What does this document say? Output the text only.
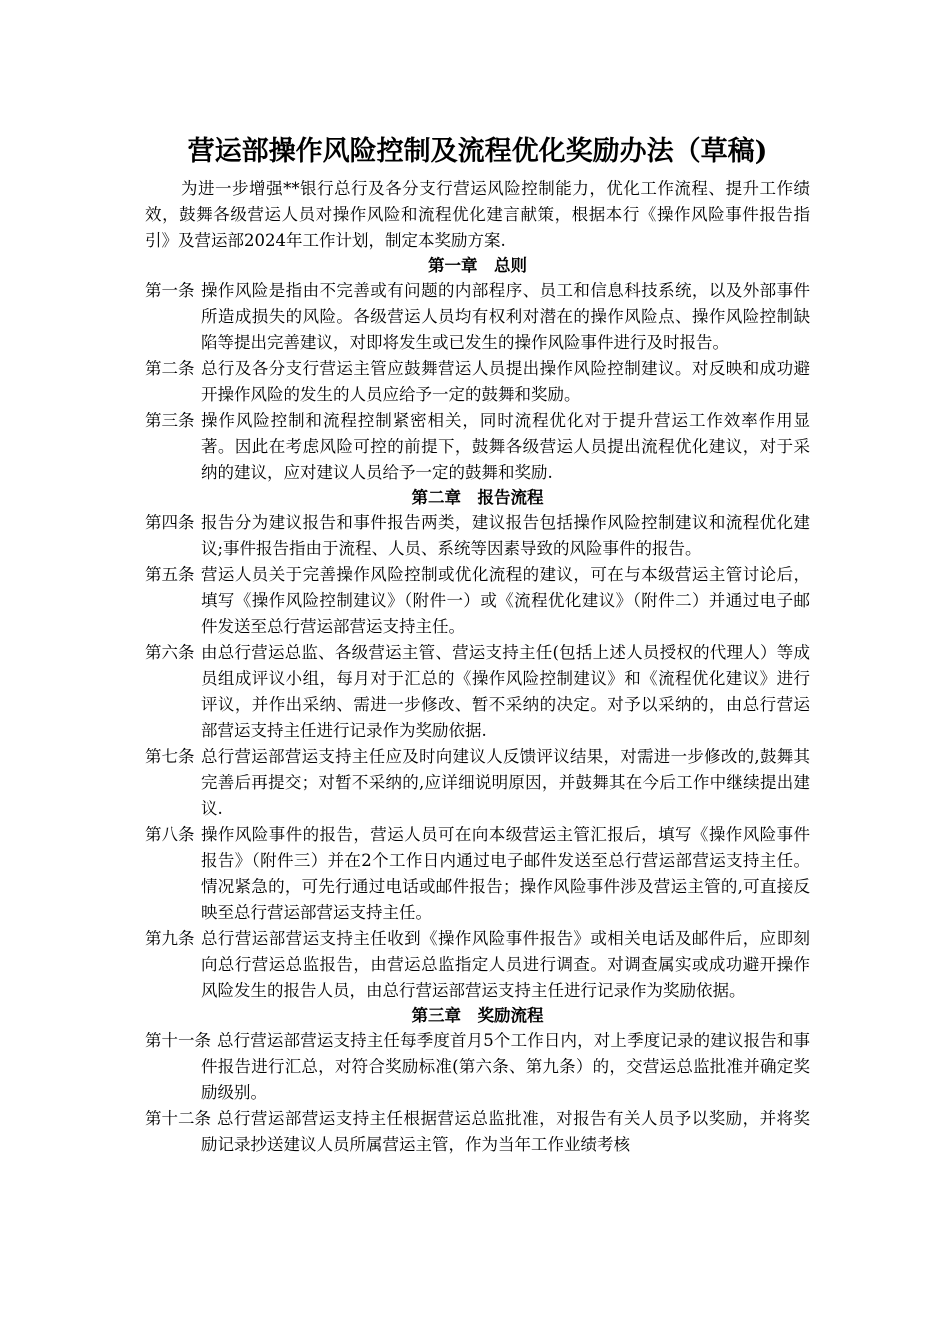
营运部操作风险控制及流程优化奖励办法（草稿)

为进一步增强**银行总行及各分支行营运风险控制能力，优化工作流程、提升工作绩效，鼓舞各级营运人员对操作风险和流程优化建言献策，根据本行《操作风险事件报告指引》及营运部2024年工作计划，制定本奖励方案.

第一章　总则
第一条 操作风险是指由不完善或有问题的内部程序、员工和信息科技系统，以及外部事件所造成损失的风险。各级营运人员均有权利对潜在的操作风险点、操作风险控制缺陷等提出完善建议，对即将发生或已发生的操作风险事件进行及时报告。
第二条 总行及各分支行营运主管应鼓舞营运人员提出操作风险控制建议。对反映和成功避开操作风险的发生的人员应给予一定的鼓舞和奖励。
第三条 操作风险控制和流程控制紧密相关，同时流程优化对于提升营运工作效率作用显著。因此在考虑风险可控的前提下，鼓舞各级营运人员提出流程优化建议，对于采纳的建议，应对建议人员给予一定的鼓舞和奖励.
第二章　报告流程
第四条 报告分为建议报告和事件报告两类，建议报告包括操作风险控制建议和流程优化建议;事件报告指由于流程、人员、系统等因素导致的风险事件的报告。
第五条 营运人员关于完善操作风险控制或优化流程的建议，可在与本级营运主管讨论后，填写《操作风险控制建议》（附件一）或《流程优化建议》（附件二）并通过电子邮件发送至总行营运部营运支持主任。
第六条 由总行营运总监、各级营运主管、营运支持主任(包括上述人员授权的代理人）等成员组成评议小组，每月对于汇总的《操作风险控制建议》和《流程优化建议》进行评议，并作出采纳、需进一步修改、暂不采纳的决定。对予以采纳的，由总行营运部营运支持主任进行记录作为奖励依据.
第七条 总行营运部营运支持主任应及时向建议人反馈评议结果，对需进一步修改的,鼓舞其完善后再提交；对暂不采纳的,应详细说明原因，并鼓舞其在今后工作中继续提出建议.
第八条 操作风险事件的报告，营运人员可在向本级营运主管汇报后，填写《操作风险事件报告》（附件三）并在2个工作日内通过电子邮件发送至总行营运部营运支持主任。情况紧急的，可先行通过电话或邮件报告；操作风险事件涉及营运主管的,可直接反映至总行营运部营运支持主任。
第九条 总行营运部营运支持主任收到《操作风险事件报告》或相关电话及邮件后，应即刻向总行营运总监报告，由营运总监指定人员进行调查。对调查属实或成功避开操作风险发生的报告人员，由总行营运部营运支持主任进行记录作为奖励依据。
第三章　奖励流程
第十一条 总行营运部营运支持主任每季度首月5个工作日内，对上季度记录的建议报告和事件报告进行汇总，对符合奖励标准(第六条、第九条）的，交营运总监批准并确定奖励级别。
第十二条 总行营运部营运支持主任根据营运总监批准，对报告有关人员予以奖励，并将奖励记录抄送建议人员所属营运主管，作为当年工作业绩考核
